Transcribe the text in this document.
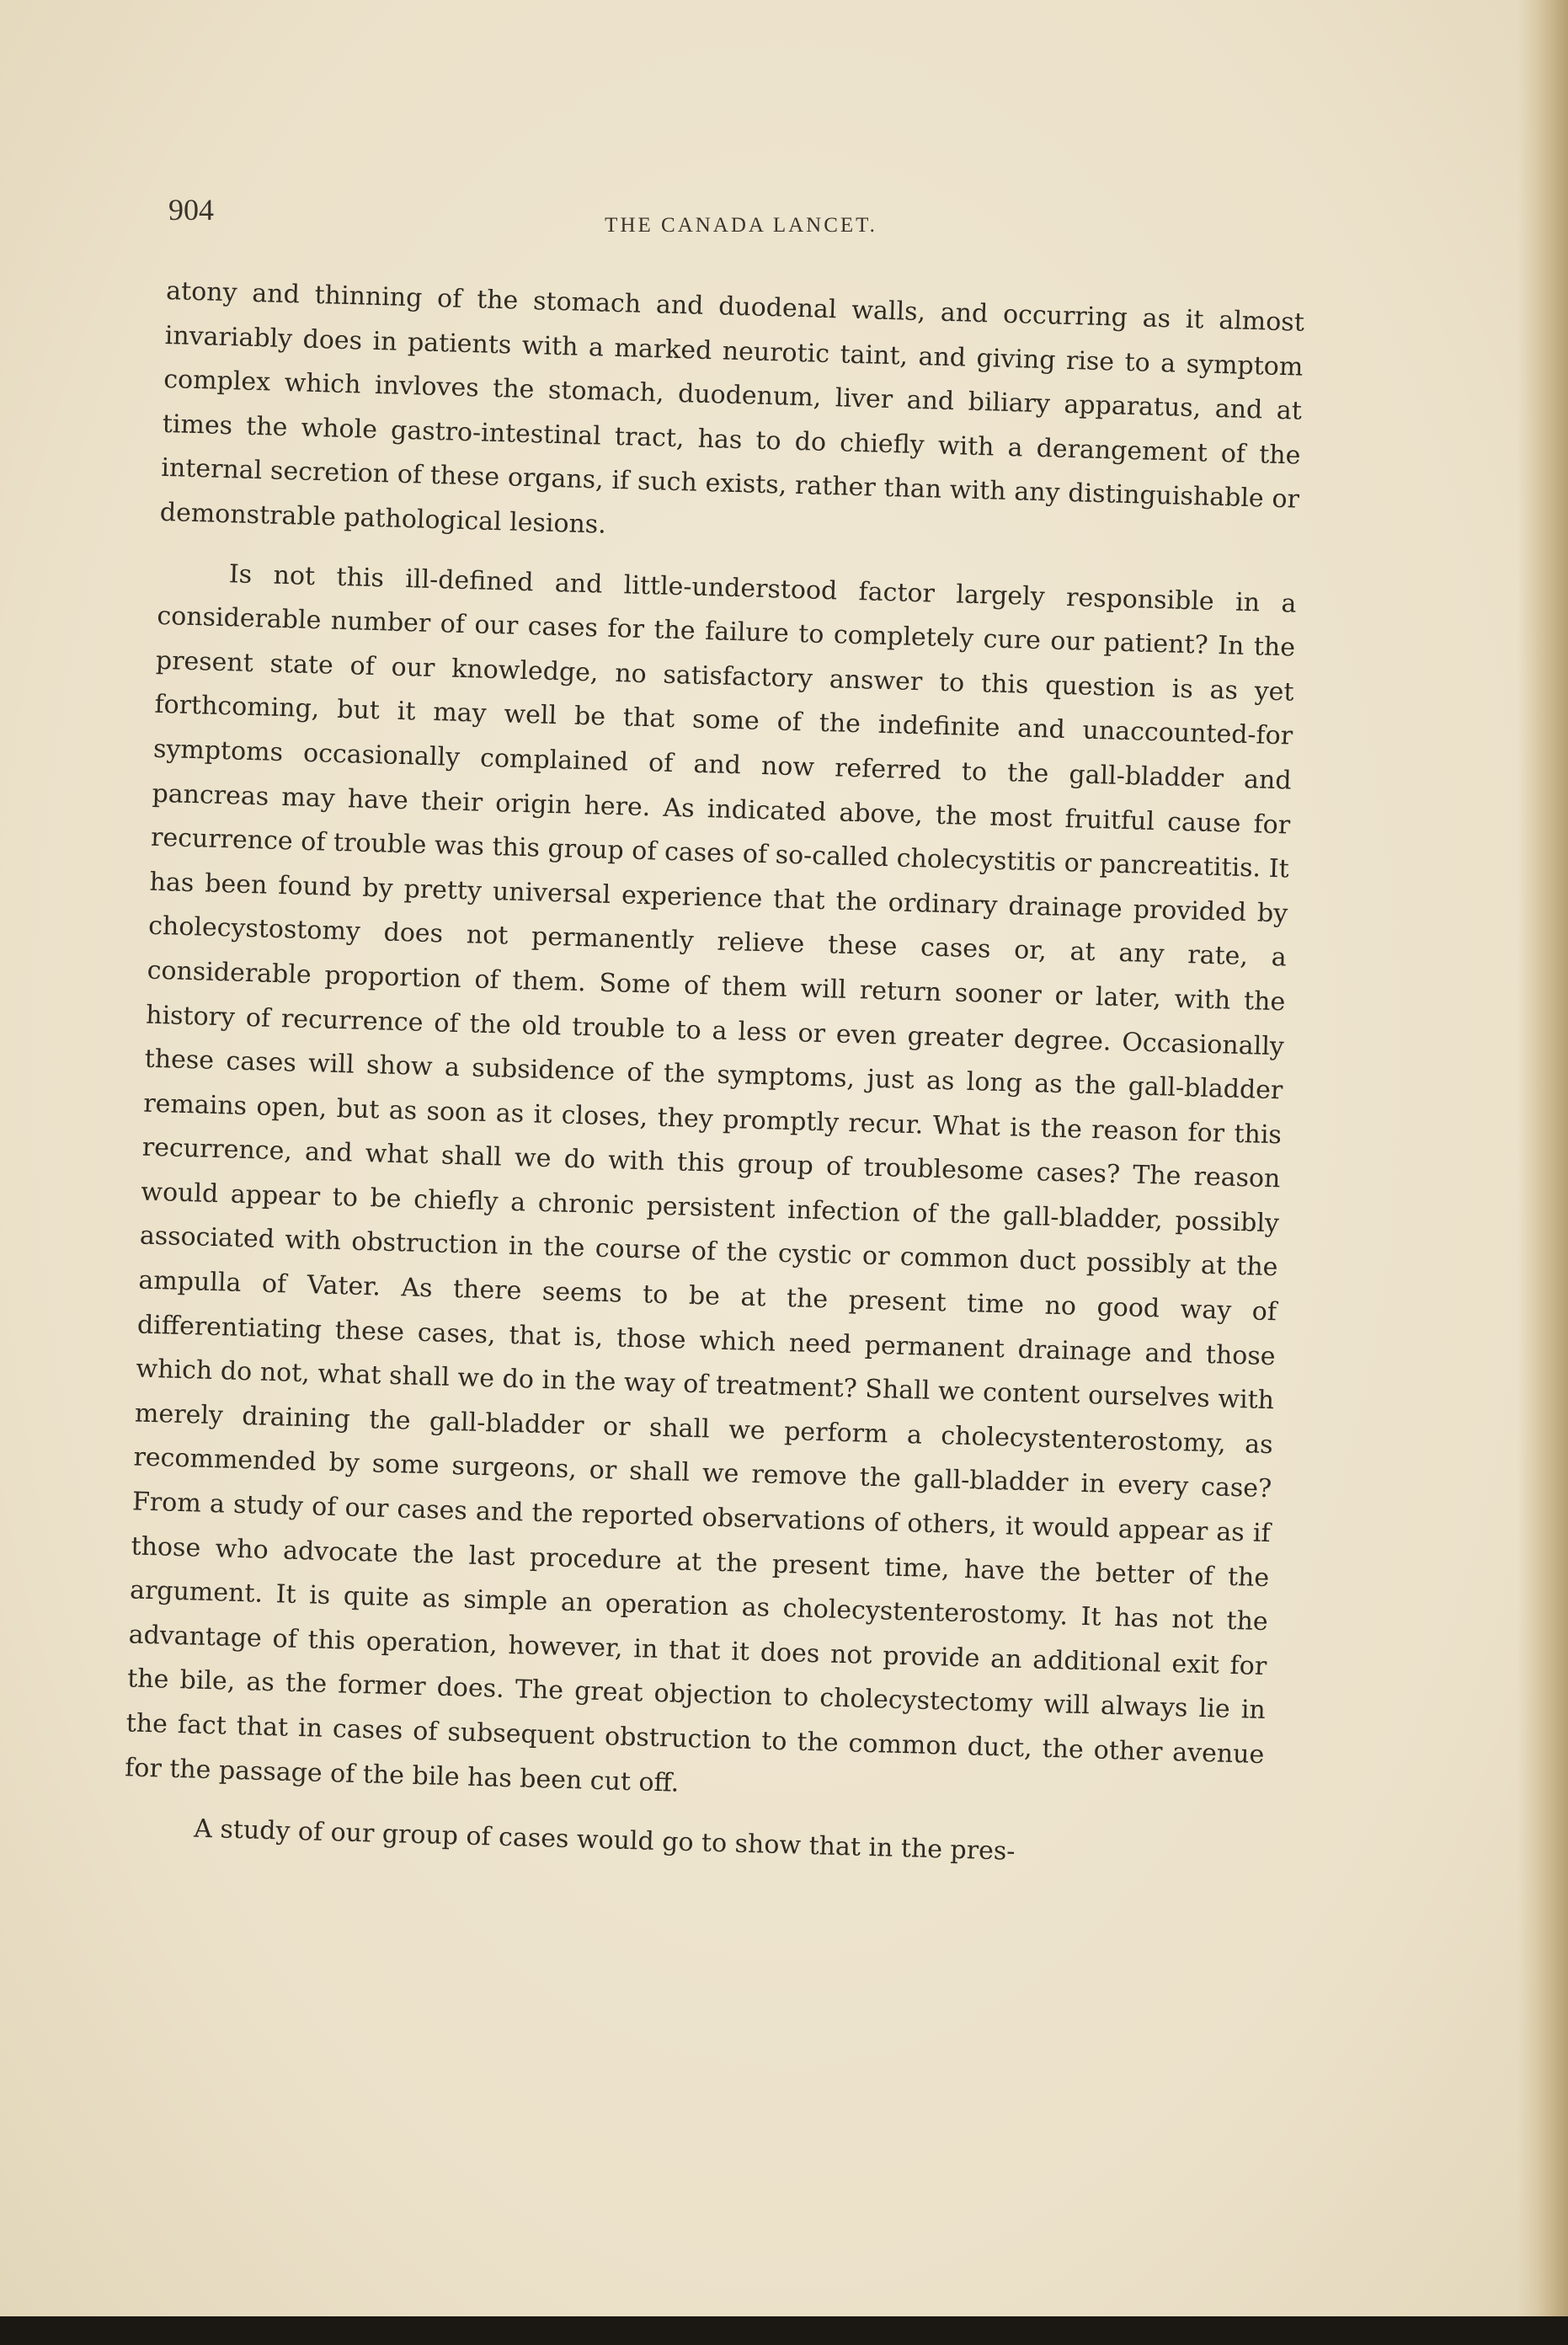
904	THE CANADA LANCET.

atony and thinning of the stomach and duodenal walls, and occurring as it almost invariably does in patients with a marked neurotic taint, and giving rise to a symptom complex which invloves the stomach, duodenum, liver and biliary apparatus, and at times the whole gastro-intestinal tract, has to do chiefly with a derangement of the internal secretion of these organs, if such exists, rather than with any distinguishable or demonstrable pathological lesions.

Is not this ill-defined and little-understood factor largely responsible in a considerable number of our cases for the failure to completely cure our patient? In the present state of our knowledge, no satisfactory answer to this question is as yet forthcoming, but it may well be that some of the indefinite and unaccounted-for symptoms occasionally complained of and now referred to the gall-bladder and pancreas may have their origin here. As indicated above, the most fruitful cause for recurrence of trouble was this group of cases of so-called cholecystitis or pancreatitis. It has been found by pretty universal experience that the ordinary drainage provided by cholecystostomy does not permanently relieve these cases or, at any rate, a considerable proportion of them. Some of them will return sooner or later, with the history of recurrence of the old trouble to a less or even greater degree. Occasionally these cases will show a subsidence of the symptoms, just as long as the gall-bladder remains open, but as soon as it closes, they promptly recur. What is the reason for this recurrence, and what shall we do with this group of troublesome cases? The reason would appear to be chiefly a chronic persistent infection of the gall-bladder, possibly associated with obstruction in the course of the cystic or common duct possibly at the ampulla of Vater. As there seems to be at the present time no good way of differentiating these cases, that is, those which need permanent drainage and those which do not, what shall we do in the way of treatment? Shall we content ourselves with merely draining the gall-bladder or shall we perform a cholecystenterostomy, as recommended by some surgeons, or shall we remove the gall-bladder in every case? From a study of our cases and the reported observations of others, it would appear as if those who advocate the last procedure at the present time, have the better of the argument. It is quite as simple an operation as cholecystenterostomy. It has not the advantage of this operation, however, in that it does not provide an additional exit for the bile, as the former does. The great objection to cholecystectomy will always lie in the fact that in cases of subsequent obstruction to the common duct, the other avenue for the passage of the bile has been cut off.

A study of our group of cases would go to show that in the pres-
